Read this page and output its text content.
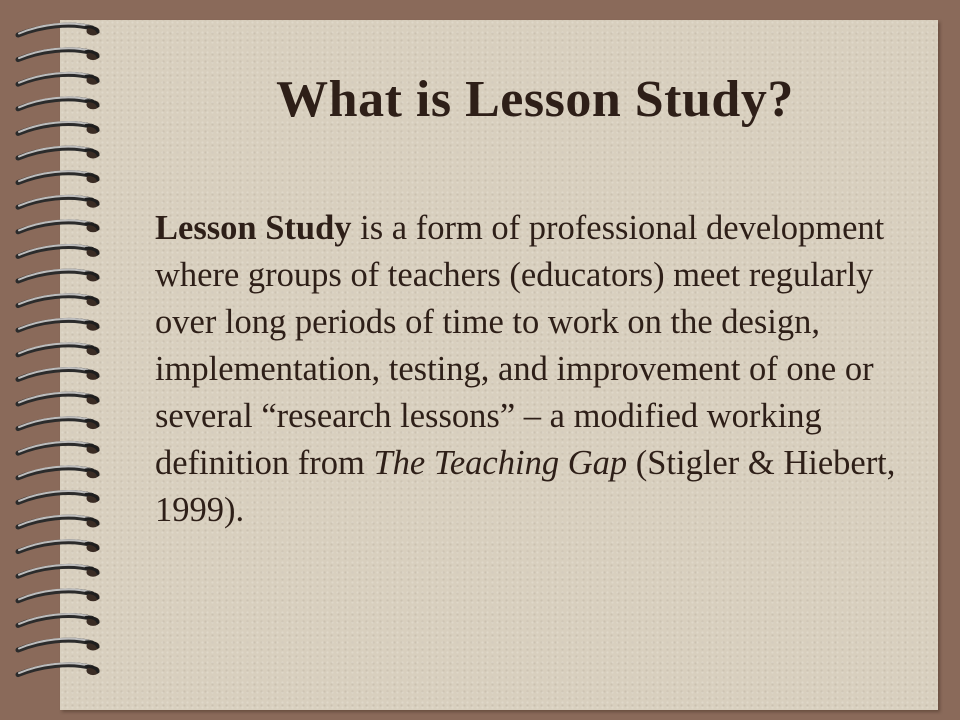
What is Lesson Study?

Lesson Study is a form of professional development where groups of teachers (educators) meet regularly over long periods of time to work on the design, implementation, testing, and improvement of one or several “research lessons” – a modified working definition from The Teaching Gap (Stigler & Hiebert, 1999).
